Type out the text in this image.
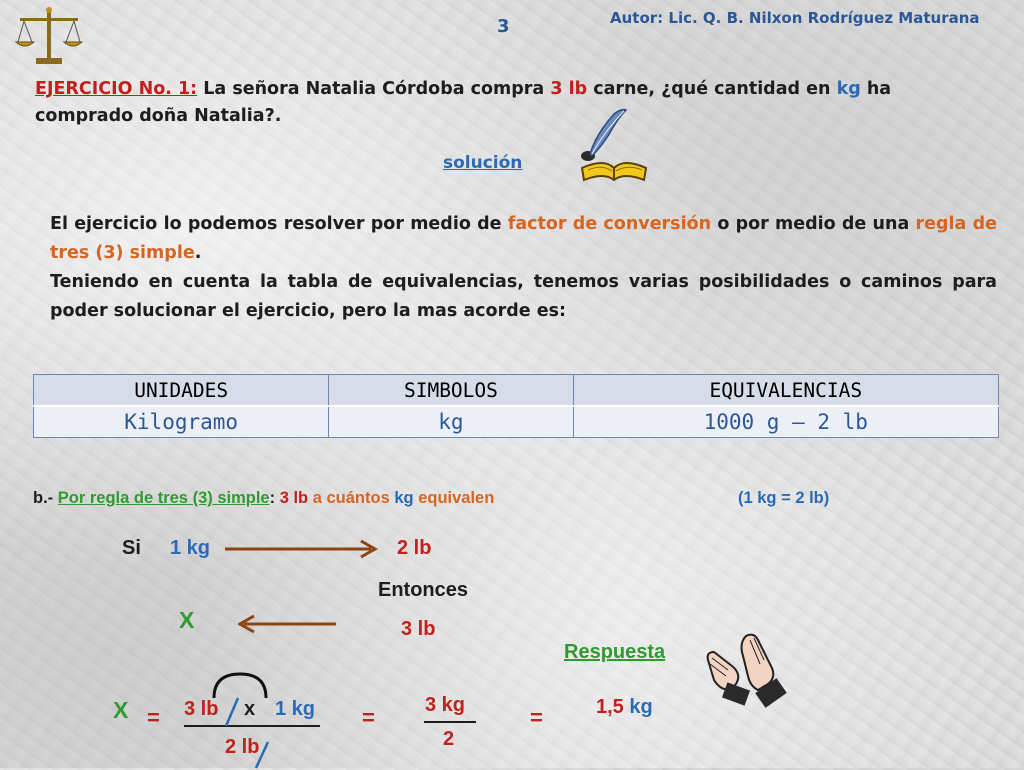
3	Autor: Lic. Q. B. Nilxon Rodríguez Maturana
EJERCICIO No. 1: La señora Natalia Córdoba compra 3 lb carne, ¿qué cantidad en kg ha comprado doña Natalia?.
solución
El ejercicio lo podemos resolver por medio de factor de conversión o por medio de una regla de tres (3) simple.
Teniendo en cuenta la tabla de equivalencias, tenemos varias posibilidades o caminos para poder solucionar el ejercicio, pero la mas acorde es:
UNIDADES	SIMBOLOS	EQUIVALENCIAS
Kilogramo	kg	1000 g – 2 lb
b.- Por regla de tres (3) simple: 3 lb a cuántos kg equivalen	(1 kg = 2 lb)
Si 1 kg	2 lb
Entonces
X	3 lb
Respuesta
X = 3 lb x 1 kg
2 lb
=	3 kg
2
=	1,5 kg
